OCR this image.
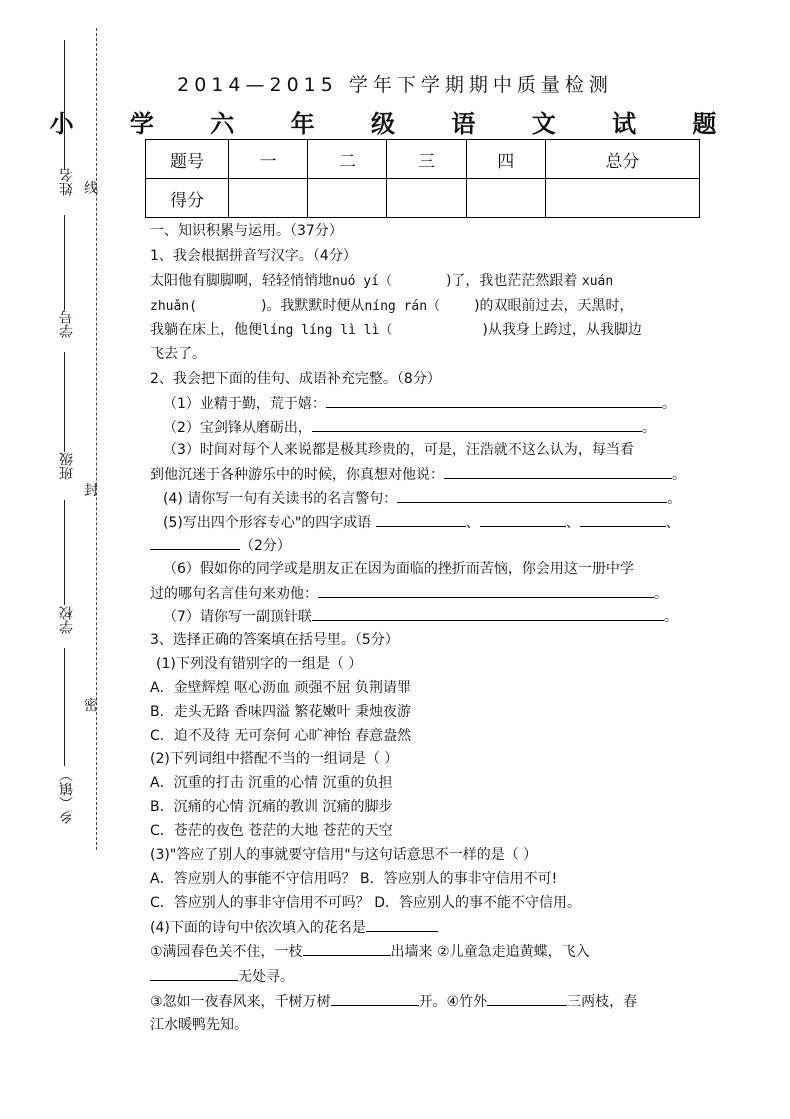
姓名
学号
班级
学校
乡（镇）
线
封
密
2014—2015 学年下学期期中质量检测
小 学 六 年 级 语 文 试 题
题号	一	二	三	四	总分
得分					
一、知识积累与运用。（37分）
1、我会根据拼音写汉字。（4分）
太阳他有脚脚啊，轻轻悄悄地nuó yí（	)了，我也茫茫然跟着 xuán
zhuǎn(	)。我默默时便从níng rán（ )的双眼前过去，天黑时，
我躺在床上，他便líng líng lì lì（	)从我身上跨过，从我脚边
飞去了。
2、我会把下面的佳句、成语补充完整。（8分）
（1）业精于勤，荒于嬉：	。
（2）宝剑锋从磨砺出，	。
（3）时间对每个人来说都是极其珍贵的，可是，汪浩就不这么认为，每当看
到他沉迷于各种游乐中的时候，你真想对他说：	。
(4) 请你写一句有关读书的名言警句：	。
(5)写出四个形容专心"的四字成语	、	、	、
（2分）
（6）假如你的同学或是朋友正在因为面临的挫折而苦恼，你会用这一册中学
过的哪句名言佳句来劝他：	。
（7）请你写一副顶针联	。
3、选择正确的答案填在括号里。（5分）
(1)下列没有错别字的一组是（ ）
A．金壁辉煌 呕心沥血 顽强不屈 负荆请罪
B．走头无路 香味四溢 繁花嫩叶 秉烛夜游
C．迫不及待 无可奈何 心旷神怡 春意盎然
(2)下列词组中搭配不当的一组词是（ ）
A．沉重的打击 沉重的心情 沉重的负担
B．沉痛的心情 沉痛的教训 沉痛的脚步
C．苍茫的夜色 苍茫的大地 苍茫的天空
(3)"答应了别人的事就要守信用"与这句话意思不一样的是（ ）
A．答应别人的事能不守信用吗？ B．答应别人的事非守信用不可!
C．答应别人的事非守信用不可吗？ D．答应别人的事不能不守信用。
(4)下面的诗句中依次填入的花名是
①满园春色关不住，一枝	出墙来 ②儿童急走追黄蝶，飞入
无处寻。
③忽如一夜春风来，千树万树	开。④竹外	三两枝，春
江水暖鸭先知。
